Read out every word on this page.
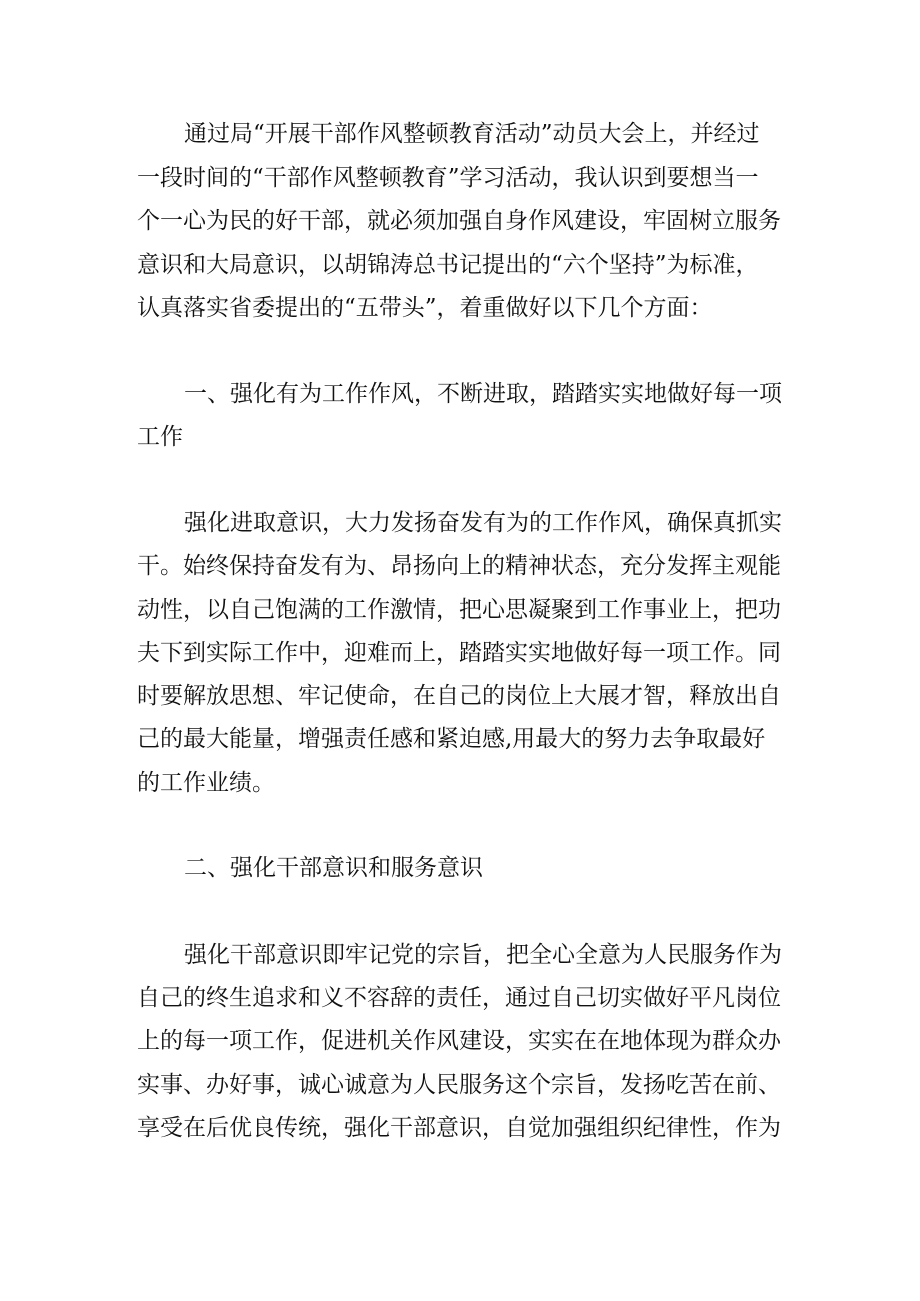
通过局“开展干部作风整顿教育活动”动员大会上，并经过

一段时间的“干部作风整顿教育”学习活动，我认识到要想当一

个一心为民的好干部，就必须加强自身作风建设，牢固树立服务

意识和大局意识，以胡锦涛总书记提出的“六个坚持”为标准，

认真落实省委提出的“五带头”，着重做好以下几个方面：

一、强化有为工作作风，不断进取，踏踏实实地做好每一项

工作

强化进取意识，大力发扬奋发有为的工作作风，确保真抓实

干。始终保持奋发有为、昂扬向上的精神状态，充分发挥主观能

动性，以自己饱满的工作激情，把心思凝聚到工作事业上，把功

夫下到实际工作中，迎难而上，踏踏实实地做好每一项工作。同

时要解放思想、牢记使命，在自己的岗位上大展才智，释放出自

己的最大能量，增强责任感和紧迫感,用最大的努力去争取最好

的工作业绩。

二、强化干部意识和服务意识

强化干部意识即牢记党的宗旨，把全心全意为人民服务作为

自己的终生追求和义不容辞的责任，通过自己切实做好平凡岗位

上的每一项工作，促进机关作风建设，实实在在地体现为群众办

实事、办好事，诚心诚意为人民服务这个宗旨，发扬吃苦在前、

享受在后优良传统，强化干部意识，自觉加强组织纪律性，作为
